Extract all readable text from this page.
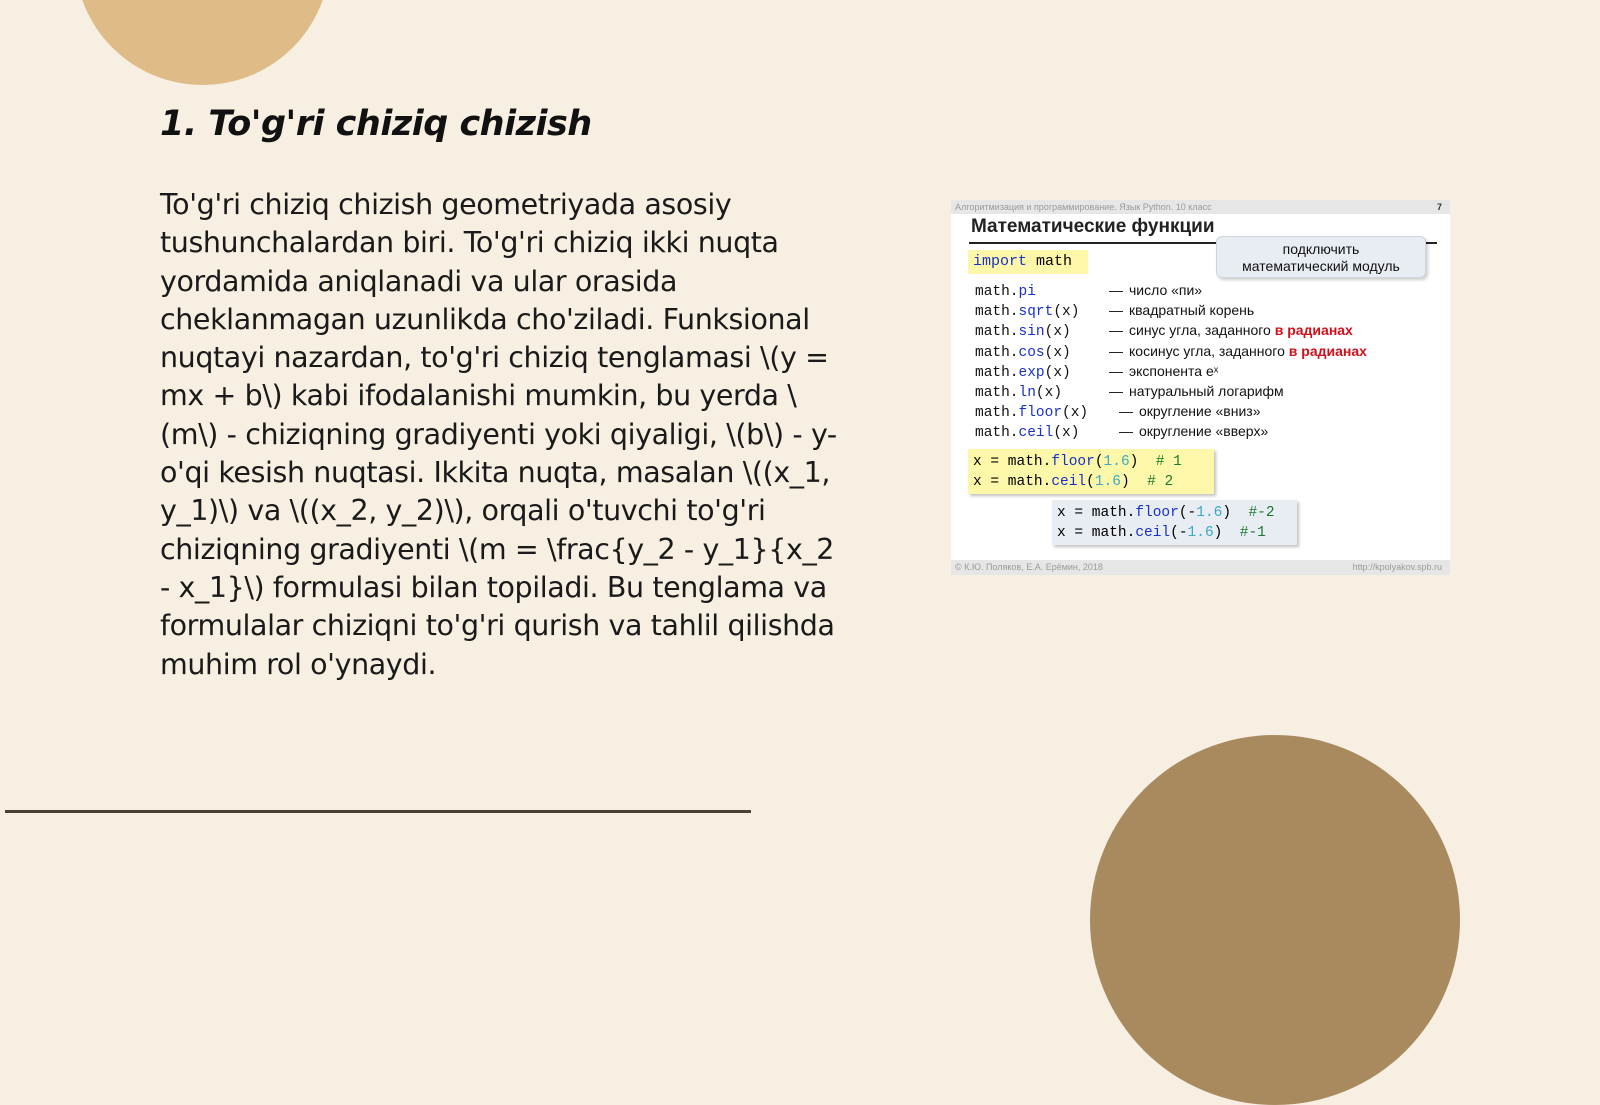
1. To'g'ri chiziq chizish

To'g'ri chiziq chizish geometriyada asosiy tushunchalardan biri. To'g'ri chiziq ikki nuqta yordamida aniqlanadi va ular orasida cheklanmagan uzunlikda cho'ziladi. Funksional nuqtayi nazardan, to'g'ri chiziq tenglamasi \(y = mx + b\) kabi ifodalanishi mumkin, bu yerda \(m\) - chiziqning gradiyenti yoki qiyaligi, \(b\) - y-o'qi kesish nuqtasi. Ikkita nuqta, masalan \((x_1, y_1)\) va \((x_2, y_2)\), orqali o'tuvchi to'g'ri chiziqning gradiyenti \(m = \frac{y_2 - y_1}{x_2 - x_1}\) formulasi bilan topiladi. Bu tenglama va formulalar chiziqni to'g'ri qurish va tahlil qilishda muhim rol o'ynaydi.

Алгоритмизация и программирование. Язык Python. 10 класс	7
Математические функции
import math
подключить
математический модуль
math.pi	— число «пи»
math.sqrt(x) — квадратный корень
math.sin(x)	— синус угла, заданного в радианах
math.cos(x)	— косинус угла, заданного в радианах
math.exp(x)	— экспонента eˣ
math.ln(x)	— натуральный логарифм
math.floor(x) — округление «вниз»
math.ceil(x)	— округление «вверх»
x = math.floor(1.6)  # 1
x = math.ceil(1.6)  # 2
x = math.floor(-1.6)  #-2
x = math.ceil(-1.6)  #-1
© К.Ю. Поляков, Е.А. Ерёмин, 2018	http://kpolyakov.spb.ru
